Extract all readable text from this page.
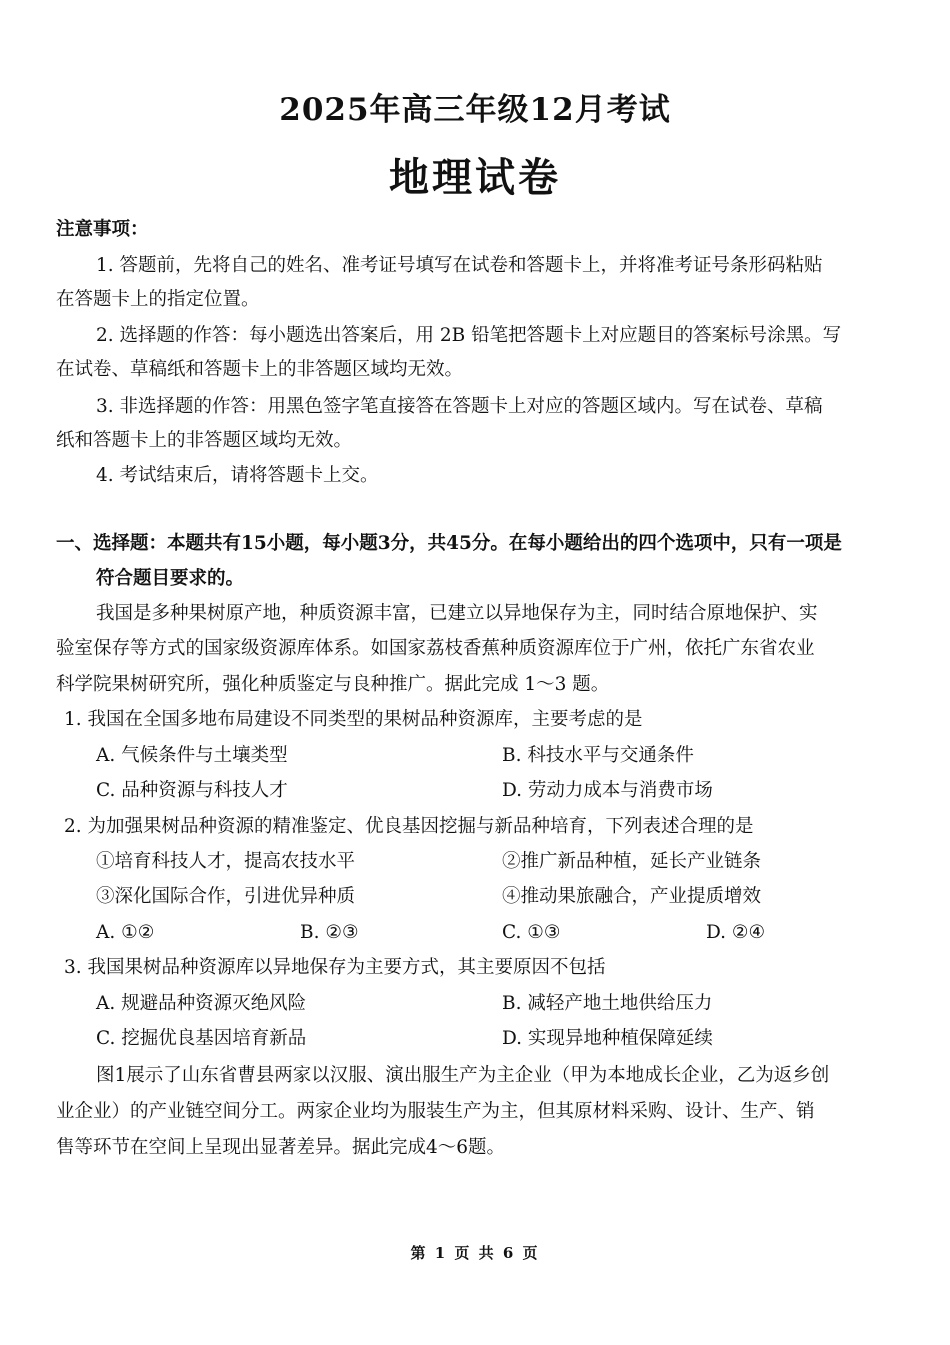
2025年高三年级12月考试
地理试卷
注意事项：
1. 答题前，先将自己的姓名、准考证号填写在试卷和答题卡上，并将准考证号条形码粘贴
在答题卡上的指定位置。
2. 选择题的作答：每小题选出答案后，用 2B 铅笔把答题卡上对应题目的答案标号涂黑。写
在试卷、草稿纸和答题卡上的非答题区域均无效。
3. 非选择题的作答：用黑色签字笔直接答在答题卡上对应的答题区域内。写在试卷、草稿
纸和答题卡上的非答题区域均无效。
4. 考试结束后，请将答题卡上交。
一、选择题：本题共有15小题，每小题3分，共45分。在每小题给出的四个选项中，只有一项是
符合题目要求的。
我国是多种果树原产地，种质资源丰富，已建立以异地保存为主，同时结合原地保护、实
验室保存等方式的国家级资源库体系。如国家荔枝香蕉种质资源库位于广州，依托广东省农业
科学院果树研究所，强化种质鉴定与良种推广。据此完成 1～3 题。
1. 我国在全国多地布局建设不同类型的果树品种资源库，主要考虑的是
A. 气候条件与土壤类型	B. 科技水平与交通条件
C. 品种资源与科技人才	D. 劳动力成本与消费市场
2. 为加强果树品种资源的精准鉴定、优良基因挖掘与新品种培育，下列表述合理的是
①培育科技人才，提高农技水平	②推广新品种植，延长产业链条
③深化国际合作，引进优异种质	④推动果旅融合，产业提质增效
A. ①②	B. ②③	C. ①③	D. ②④
3. 我国果树品种资源库以异地保存为主要方式，其主要原因不包括
A. 规避品种资源灭绝风险	B. 减轻产地土地供给压力
C. 挖掘优良基因培育新品	D. 实现异地种植保障延续
图1展示了山东省曹县两家以汉服、演出服生产为主企业（甲为本地成长企业，乙为返乡创
业企业）的产业链空间分工。两家企业均为服装生产为主，但其原材料采购、设计、生产、销
售等环节在空间上呈现出显著差异。据此完成4～6题。
第 1 页 共 6 页
